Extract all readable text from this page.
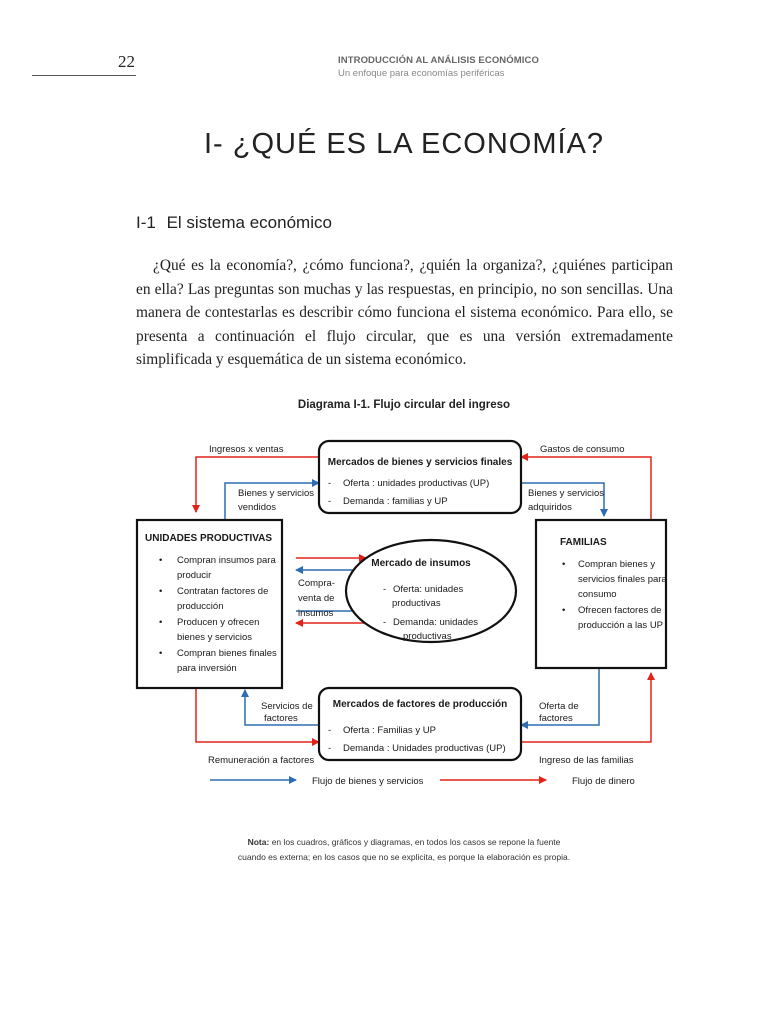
22	INTRODUCCIÓN AL ANÁLISIS ECONÓMICO
Un enfoque para economías periféricas
I- ¿QUÉ ES LA ECONOMÍA?
I-1 El sistema económico

¿Qué es la economía?, ¿cómo funciona?, ¿quién la organiza?, ¿quiénes participan en ella? Las preguntas son muchas y las respuestas, en principio, no son sencillas. Una manera de contestarlas es describir cómo funciona el sistema económico. Para ello, se presenta a continuación el flujo circular, que es una versión extremadamente simplificada y esquemática de un sistema económico.

Diagrama I-1. Flujo circular del ingreso
Mercados de bienes y servicios finales
- Oferta : unidades productivas (UP)
- Demanda : familias y UP
UNIDADES PRODUCTIVAS
• Compran insumos para
producir
• Contratan factores de
producción
• Producen y ofrecen
bienes y servicios
• Compran bienes finales
para inversión
FAMILIAS
• Compran bienes y
servicios finales para
consumo
• Ofrecen factores de
producción a las UP
Mercado de insumos
- Oferta: unidades
productivas
- Demanda: unidades
productivas
Mercados de factores de producción
- Oferta : Familias y UP
- Demanda : Unidades productivas (UP)
Ingresos x ventas	Gastos de consumo
Bienes y servicios
vendidos
Bienes y servicios
adquiridos
Compra-
venta de
insumos
Servicios de
factores
Oferta de
factores
Remuneración a factores	Ingreso de las familias
Flujo de bienes y servicios	Flujo de dinero
Nota: en los cuadros, gráficos y diagramas, en todos los casos se repone la fuente
cuando es externa; en los casos que no se explicita, es porque la elaboración es propia.
